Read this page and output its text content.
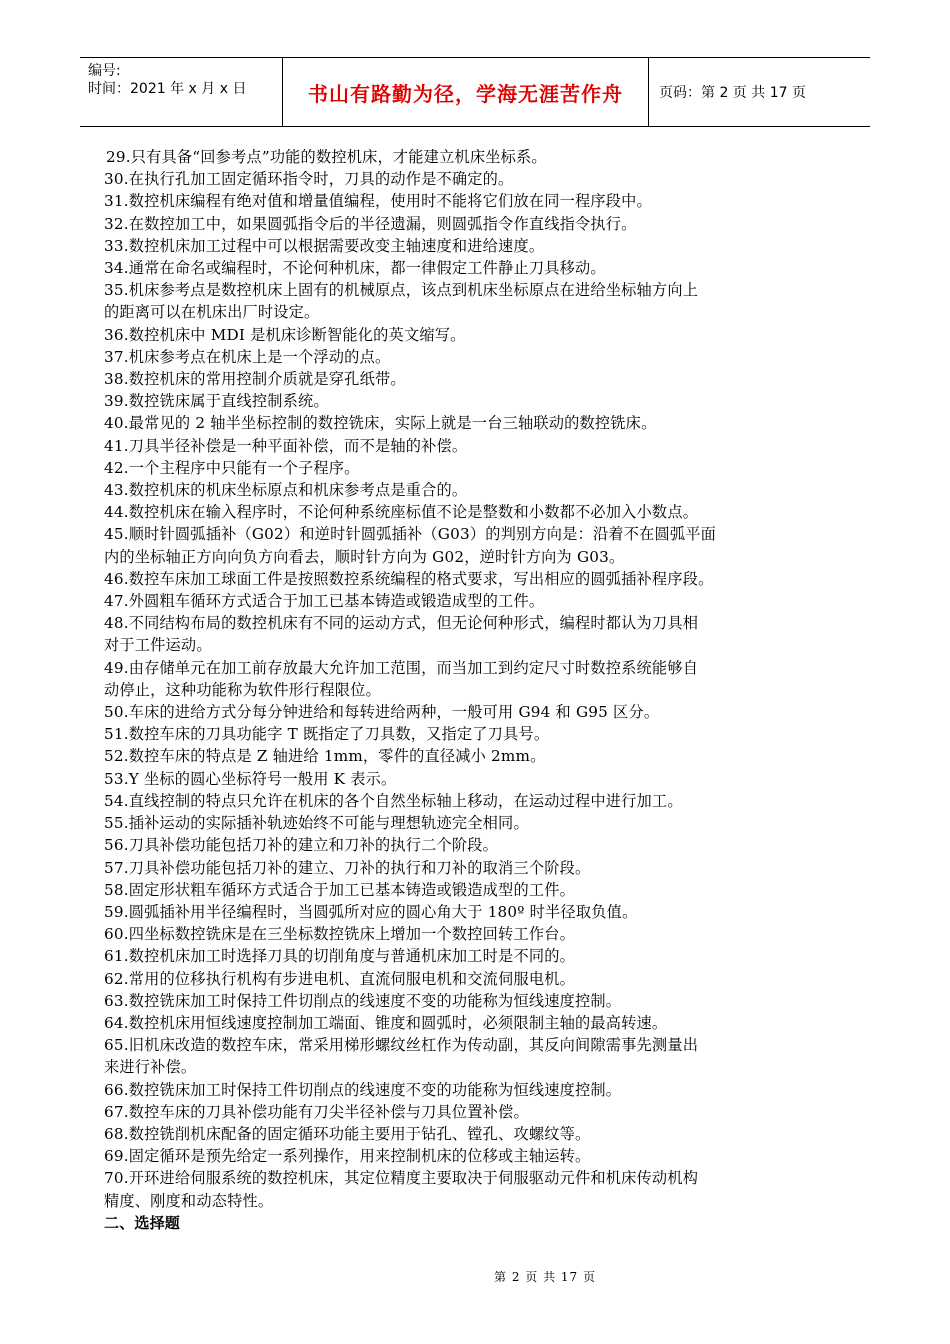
编号:
时间：2021 年 x 月 x 日	书山有路勤为径，学海无涯苦作舟	页码：第 2 页 共 17 页
29.只有具备“回参考点”功能的数控机床，才能建立机床坐标系。
30.在执行孔加工固定循环指令时，刀具的动作是不确定的。
31.数控机床编程有绝对值和增量值编程，使用时不能将它们放在同一程序段中。
32.在数控加工中，如果圆弧指令后的半径遗漏，则圆弧指令作直线指令执行。
33.数控机床加工过程中可以根据需要改变主轴速度和进给速度。
34.通常在命名或编程时，不论何种机床，都一律假定工件静止刀具移动。
35.机床参考点是数控机床上固有的机械原点，该点到机床坐标原点在进给坐标轴方向上
的距离可以在机床出厂时设定。
36.数控机床中 MDI 是机床诊断智能化的英文缩写。
37.机床参考点在机床上是一个浮动的点。
38.数控机床的常用控制介质就是穿孔纸带。
39.数控铣床属于直线控制系统。
40.最常见的 2 轴半坐标控制的数控铣床，实际上就是一台三轴联动的数控铣床。
41.刀具半径补偿是一种平面补偿，而不是轴的补偿。
42.一个主程序中只能有一个子程序。
43.数控机床的机床坐标原点和机床参考点是重合的。
44.数控机床在输入程序时，不论何种系统座标值不论是整数和小数都不必加入小数点。
45.顺时针圆弧插补（G02）和逆时针圆弧插补（G03）的判别方向是：沿着不在圆弧平面
内的坐标轴正方向向负方向看去，顺时针方向为 G02，逆时针方向为 G03。
46.数控车床加工球面工件是按照数控系统编程的格式要求，写出相应的圆弧插补程序段。
47.外圆粗车循环方式适合于加工已基本铸造或锻造成型的工件。
48.不同结构布局的数控机床有不同的运动方式，但无论何种形式，编程时都认为刀具相
对于工件运动。
49.由存储单元在加工前存放最大允许加工范围，而当加工到约定尺寸时数控系统能够自
动停止，这种功能称为软件形行程限位。
50.车床的进给方式分每分钟进给和每转进给两种，一般可用 G94 和 G95 区分。
51.数控车床的刀具功能字 T 既指定了刀具数，又指定了刀具号。
52.数控车床的特点是 Z 轴进给 1mm，零件的直径减小 2mm。
53.Y 坐标的圆心坐标符号一般用 K 表示。
54.直线控制的特点只允许在机床的各个自然坐标轴上移动，在运动过程中进行加工。
55.插补运动的实际插补轨迹始终不可能与理想轨迹完全相同。
56.刀具补偿功能包括刀补的建立和刀补的执行二个阶段。
57.刀具补偿功能包括刀补的建立、刀补的执行和刀补的取消三个阶段。
58.固定形状粗车循环方式适合于加工已基本铸造或锻造成型的工件。
59.圆弧插补用半径编程时，当圆弧所对应的圆心角大于 180º 时半径取负值。
60.四坐标数控铣床是在三坐标数控铣床上增加一个数控回转工作台。
61.数控机床加工时选择刀具的切削角度与普通机床加工时是不同的。
62.常用的位移执行机构有步进电机、直流伺服电机和交流伺服电机。
63.数控铣床加工时保持工件切削点的线速度不变的功能称为恒线速度控制。
64.数控机床用恒线速度控制加工端面、锥度和圆弧时，必须限制主轴的最高转速。
65.旧机床改造的数控车床，常采用梯形螺纹丝杠作为传动副，其反向间隙需事先测量出
来进行补偿。
66.数控铣床加工时保持工件切削点的线速度不变的功能称为恒线速度控制。
67.数控车床的刀具补偿功能有刀尖半径补偿与刀具位置补偿。
68.数控铣削机床配备的固定循环功能主要用于钻孔、镗孔、攻螺纹等。
69.固定循环是预先给定一系列操作，用来控制机床的位移或主轴运转。
70.开环进给伺服系统的数控机床，其定位精度主要取决于伺服驱动元件和机床传动机构
精度、刚度和动态特性。
二、选择题
第 2 页 共 17 页
